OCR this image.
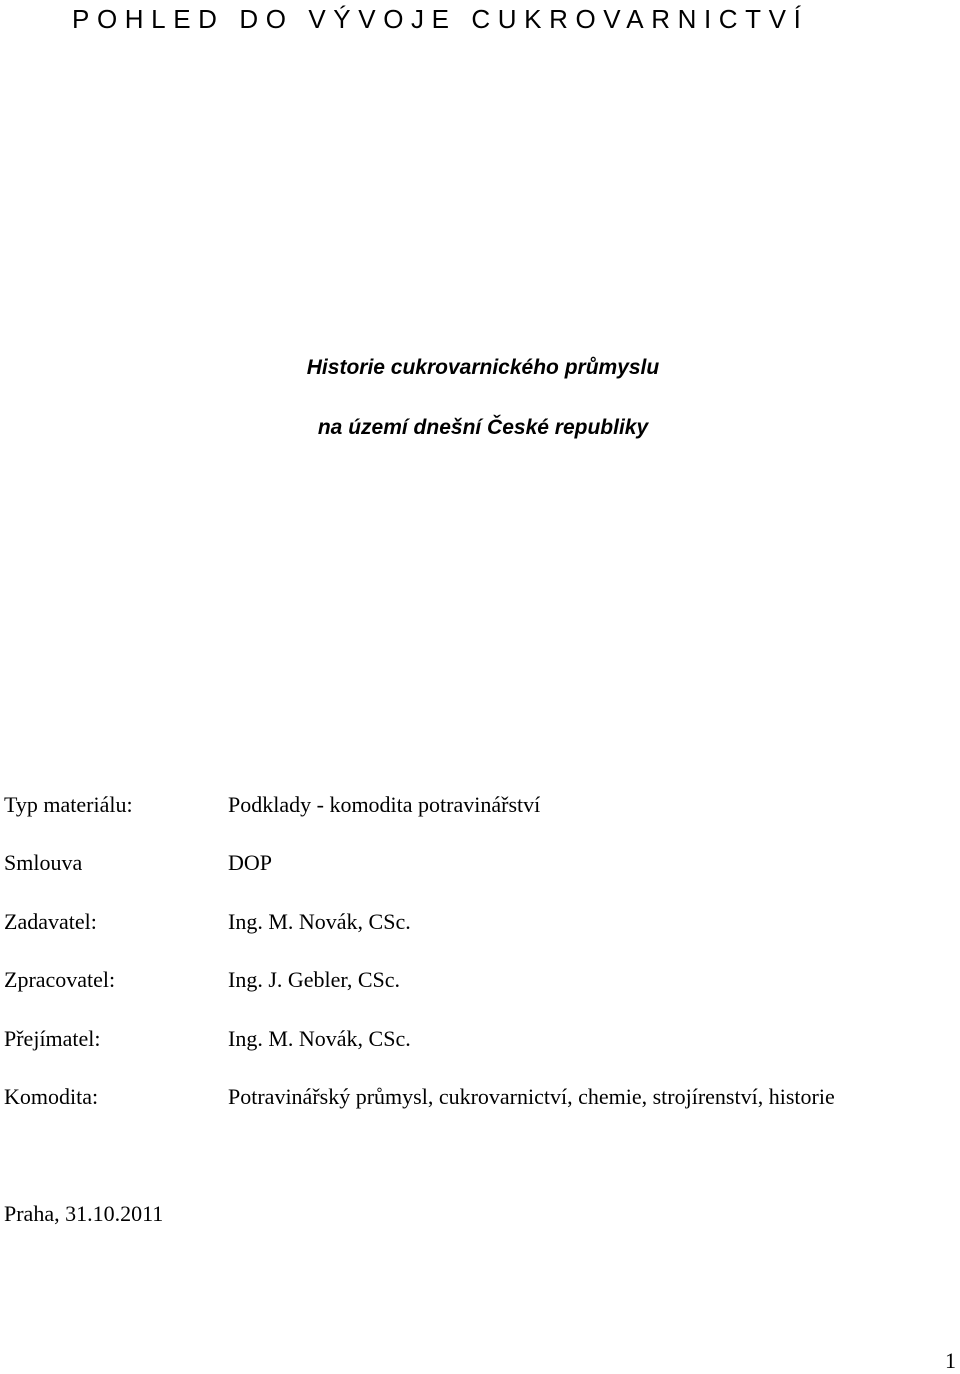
POHLED DO VÝVOJE CUKROVARNICTVÍ
Historie cukrovarnického průmyslu
na území dnešní České republiky
Typ materiálu:	Podklady - komodita potravinářství
Smlouva	DOP
Zadavatel:	Ing. M. Novák, CSc.
Zpracovatel:	Ing. J. Gebler, CSc.
Přejímatel:	Ing. M. Novák, CSc.
Komodita:	Potravinářský průmysl, cukrovarnictví, chemie, strojírenství, historie
Praha, 31.10.2011
1
